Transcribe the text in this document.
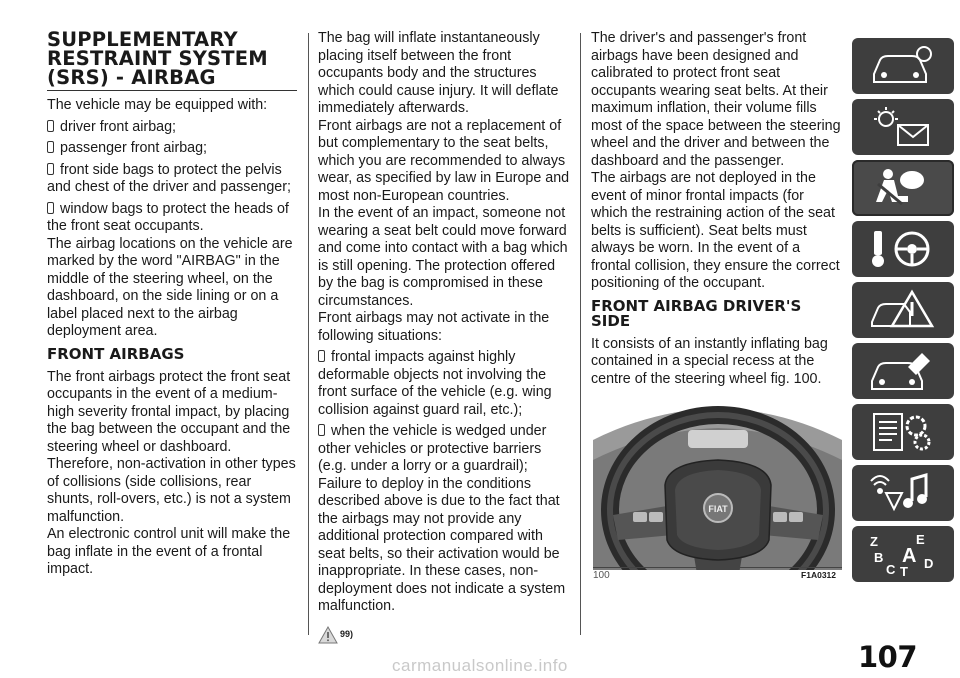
SUPPLEMENTARY
RESTRAINT SYSTEM
(SRS) - AIRBAG

The vehicle may be equipped with:

driver front airbag;

passenger front airbag;

front side bags to protect the pelvis and chest of the driver and passenger;

window bags to protect the heads of the front seat occupants.

The airbag locations on the vehicle are marked by the word "AIRBAG" in the middle of the steering wheel, on the dashboard, on the side lining or on a label placed next to the airbag deployment area.

FRONT AIRBAGS

The front airbags protect the front seat occupants in the event of a medium-high severity frontal impact, by placing the bag between the occupant and the steering wheel or dashboard.

Therefore, non-activation in other types of collisions (side collisions, rear shunts, roll-overs, etc.) is not a system malfunction.

An electronic control unit will make the bag inflate in the event of a frontal impact.

The bag will inflate instantaneously placing itself between the front occupants body and the structures which could cause injury. It will deflate immediately afterwards.

Front airbags are not a replacement of but complementary to the seat belts, which you are recommended to always wear, as specified by law in Europe and most non-European countries.

In the event of an impact, someone not wearing a seat belt could move forward and come into contact with a bag which is still opening. The protection offered by the bag is compromised in these circumstances.

Front airbags may not activate in the following situations:

frontal impacts against highly deformable objects not involving the front surface of the vehicle (e.g. wing collision against guard rail, etc.);

when the vehicle is wedged under other vehicles or protective barriers (e.g. under a lorry or a guardrail); Failure to deploy in the conditions described above is due to the fact that the airbags may not provide any additional protection compared with seat belts, so their activation would be inappropriate. In these cases, non-deployment does not indicate a system malfunction.

99)

The driver's and passenger's front airbags have been designed and calibrated to protect front seat occupants wearing seat belts. At their maximum inflation, their volume fills most of the space between the steering wheel and the driver and between the dashboard and the passenger.

The airbags are not deployed in the event of minor frontal impacts (for which the restraining action of the seat belts is sufficient). Seat belts must always be worn. In the event of a frontal collision, they ensure the correct positioning of the occupant.

FRONT AIRBAG DRIVER'S
SIDE

It consists of an instantly inflating bag contained in a special recess at the centre of the steering wheel fig. 100.

FIAT
100	F1A0312
Z	E
B A
C D
T
107
carmanualsonline.info
